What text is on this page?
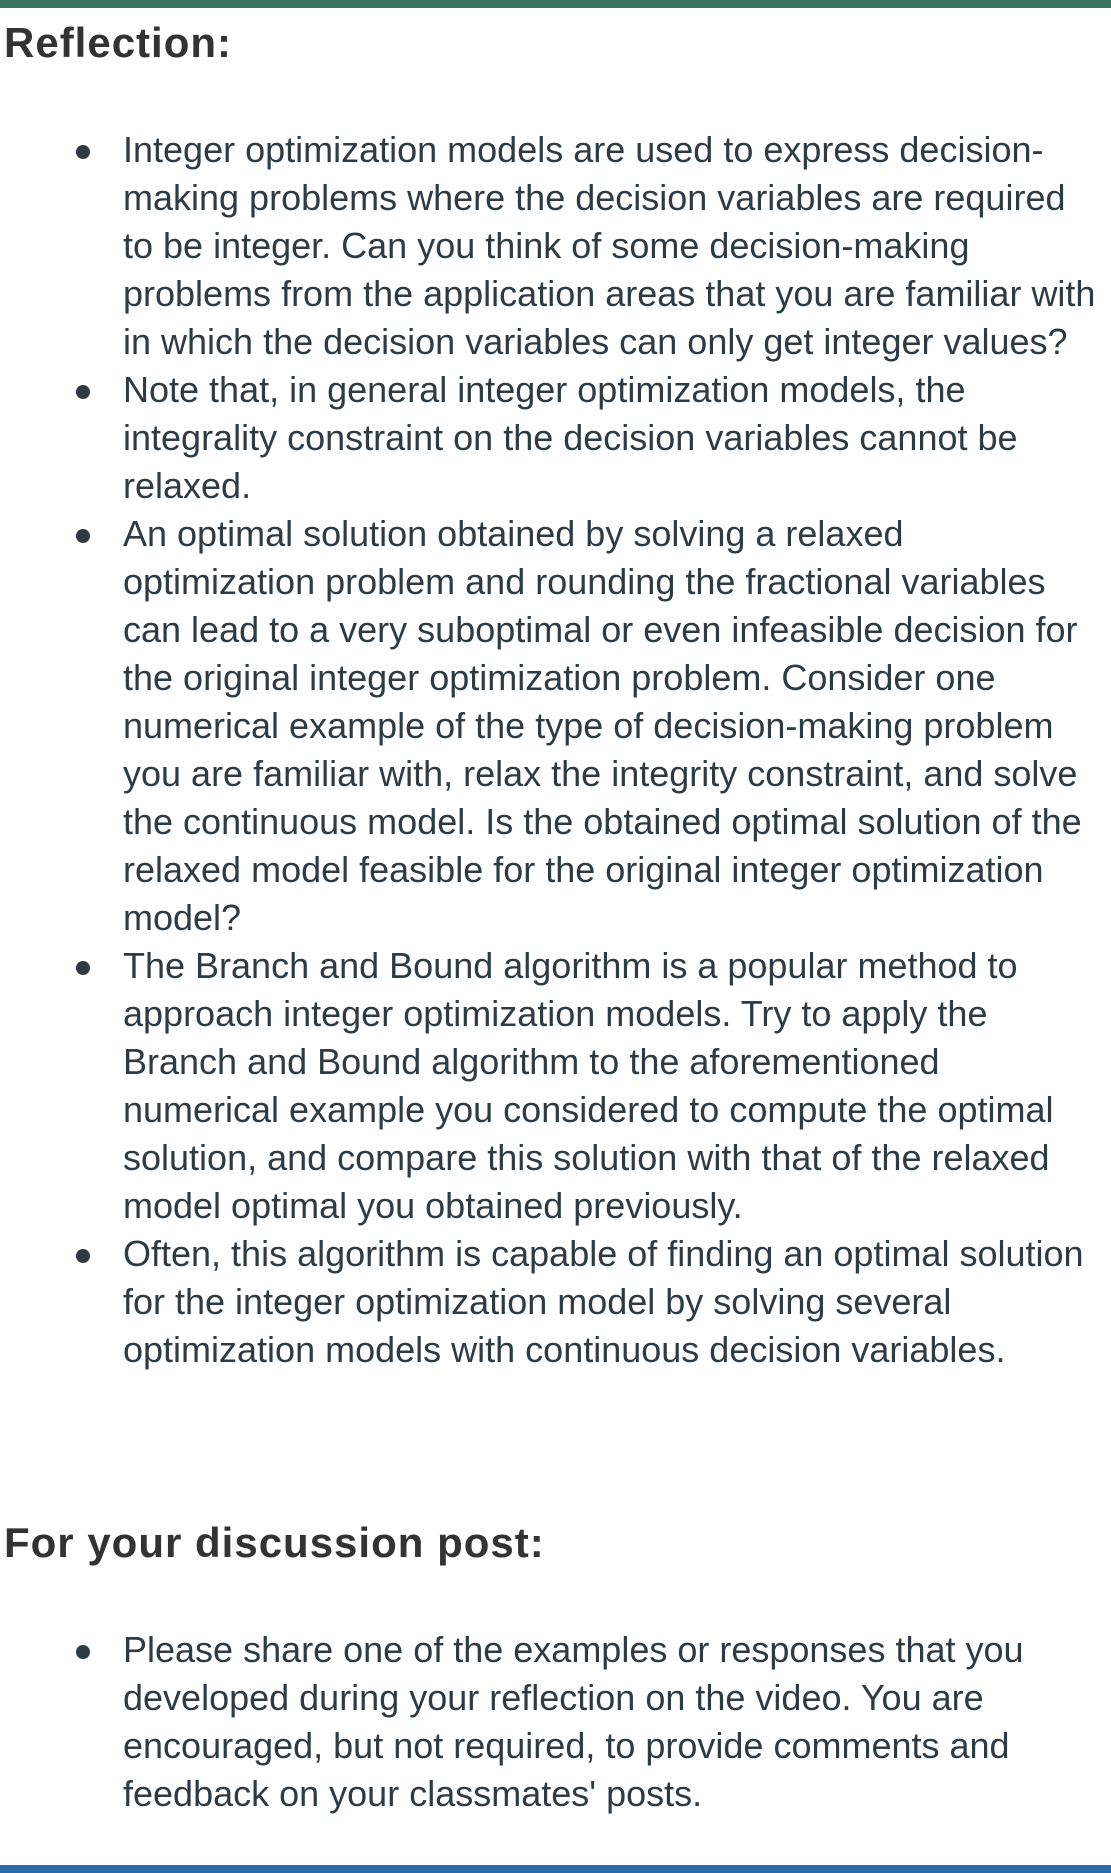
Reflection:
Integer optimization models are used to express decision-making problems where the decision variables are required to be integer. Can you think of some decision-making problems from the application areas that you are familiar with in which the decision variables can only get integer values?
Note that, in general integer optimization models, the integrality constraint on the decision variables cannot be relaxed.
An optimal solution obtained by solving a relaxed optimization problem and rounding the fractional variables can lead to a very suboptimal or even infeasible decision for the original integer optimization problem. Consider one numerical example of the type of decision-making problem you are familiar with, relax the integrity constraint, and solve the continuous model. Is the obtained optimal solution of the relaxed model feasible for the original integer optimization model?
The Branch and Bound algorithm is a popular method to approach integer optimization models. Try to apply the Branch and Bound algorithm to the aforementioned numerical example you considered to compute the optimal solution, and compare this solution with that of the relaxed model optimal you obtained previously.
Often, this algorithm is capable of finding an optimal solution for the integer optimization model by solving several optimization models with continuous decision variables.
For your discussion post:
Please share one of the examples or responses that you developed during your reflection on the video. You are encouraged, but not required, to provide comments and feedback on your classmates' posts.
